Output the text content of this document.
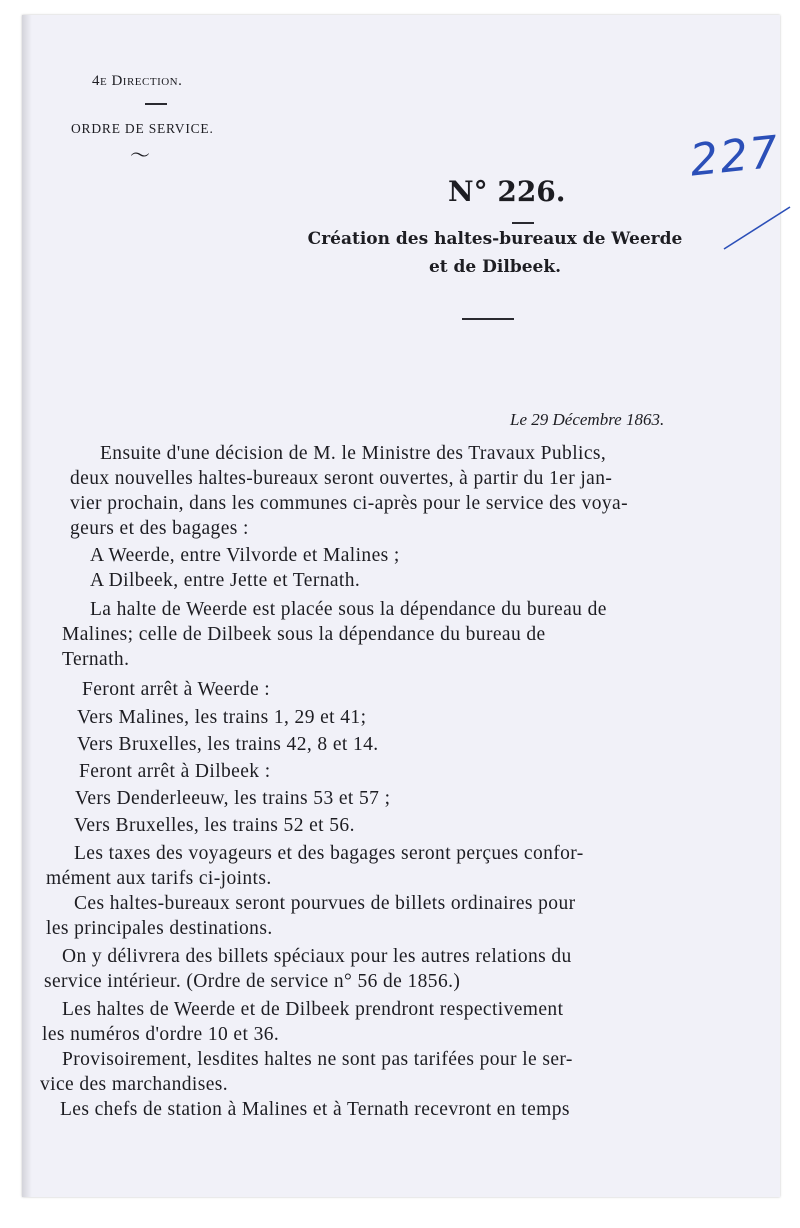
4e Direction.
ORDRE DE SERVICE.
〜
N° 226.
Création des haltes-bureaux de Weerde
et de Dilbeek.
227
Le 29 Décembre 1863.
Ensuite d'une décision de M. le Ministre des Travaux Publics,
deux nouvelles haltes-bureaux seront ouvertes, à partir du 1er jan-
vier prochain, dans les communes ci-après pour le service des voya-
geurs et des bagages :
A Weerde, entre Vilvorde et Malines ;
A Dilbeek, entre Jette et Ternath.
La halte de Weerde est placée sous la dépendance du bureau de
Malines; celle de Dilbeek sous la dépendance du bureau de
Ternath.
Feront arrêt à Weerde :
Vers Malines, les trains 1, 29 et 41;
Vers Bruxelles, les trains 42, 8 et 14.
Feront arrêt à Dilbeek :
Vers Denderleeuw, les trains 53 et 57 ;
Vers Bruxelles, les trains 52 et 56.
Les taxes des voyageurs et des bagages seront perçues confor-
mément aux tarifs ci-joints.
Ces haltes-bureaux seront pourvues de billets ordinaires pour
les principales destinations.
On y délivrera des billets spéciaux pour les autres relations du
service intérieur. (Ordre de service n° 56 de 1856.)
Les haltes de Weerde et de Dilbeek prendront respectivement
les numéros d'ordre 10 et 36.
Provisoirement, lesdites haltes ne sont pas tarifées pour le ser-
vice des marchandises.
Les chefs de station à Malines et à Ternath recevront en temps
